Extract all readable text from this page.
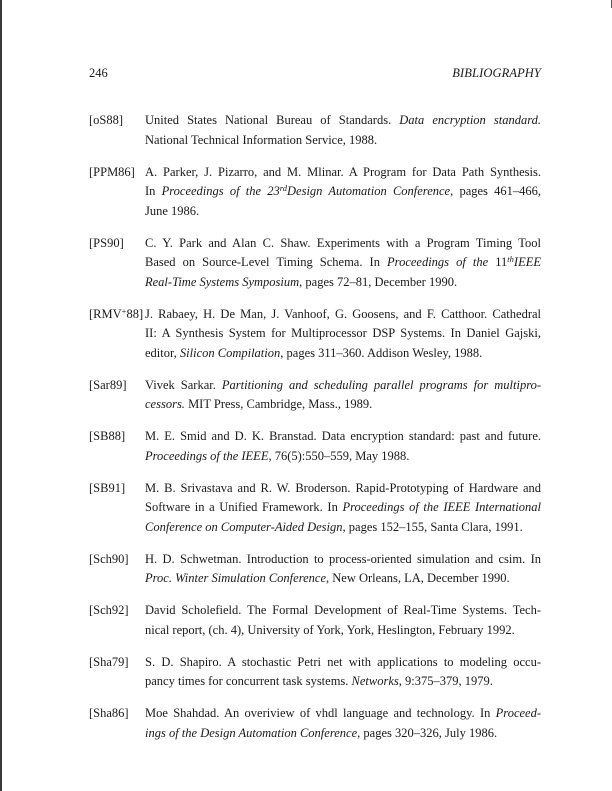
246	BIBLIOGRAPHY
[oS88] United States National Bureau of Standards. Data encryption standard.
National Technical Information Service, 1988.
[PPM86] A. Parker, J. Pizarro, and M. Mlinar. A Program for Data Path Synthesis.
In Proceedings of the 23rdDesign Automation Conference, pages 461–466,
June 1986.
[PS90] C. Y. Park and Alan C. Shaw. Experiments with a Program Timing Tool
Based on Source-Level Timing Schema. In Proceedings of the 11thIEEE
Real-Time Systems Symposium, pages 72–81, December 1990.
[RMV+88] J. Rabaey, H. De Man, J. Vanhoof, G. Goosens, and F. Catthoor. Cathedral
II: A Synthesis System for Multiprocessor DSP Systems. In Daniel Gajski,
editor, Silicon Compilation, pages 311–360. Addison Wesley, 1988.
[Sar89] Vivek Sarkar. Partitioning and scheduling parallel programs for multipro-
cessors. MIT Press, Cambridge, Mass., 1989.
[SB88] M. E. Smid and D. K. Branstad. Data encryption standard: past and future.
Proceedings of the IEEE, 76(5):550–559, May 1988.
[SB91] M. B. Srivastava and R. W. Broderson. Rapid-Prototyping of Hardware and
Software in a Unified Framework. In Proceedings of the IEEE International
Conference on Computer-Aided Design, pages 152–155, Santa Clara, 1991.
[Sch90] H. D. Schwetman. Introduction to process-oriented simulation and csim. In
Proc. Winter Simulation Conference, New Orleans, LA, December 1990.
[Sch92] David Scholefield. The Formal Development of Real-Time Systems. Tech-
nical report, (ch. 4), University of York, York, Heslington, February 1992.
[Sha79] S. D. Shapiro. A stochastic Petri net with applications to modeling occu-
pancy times for concurrent task systems. Networks, 9:375–379, 1979.
[Sha86] Moe Shahdad. An overiview of vhdl language and technology. In Proceed-
ings of the Design Automation Conference, pages 320–326, July 1986.
